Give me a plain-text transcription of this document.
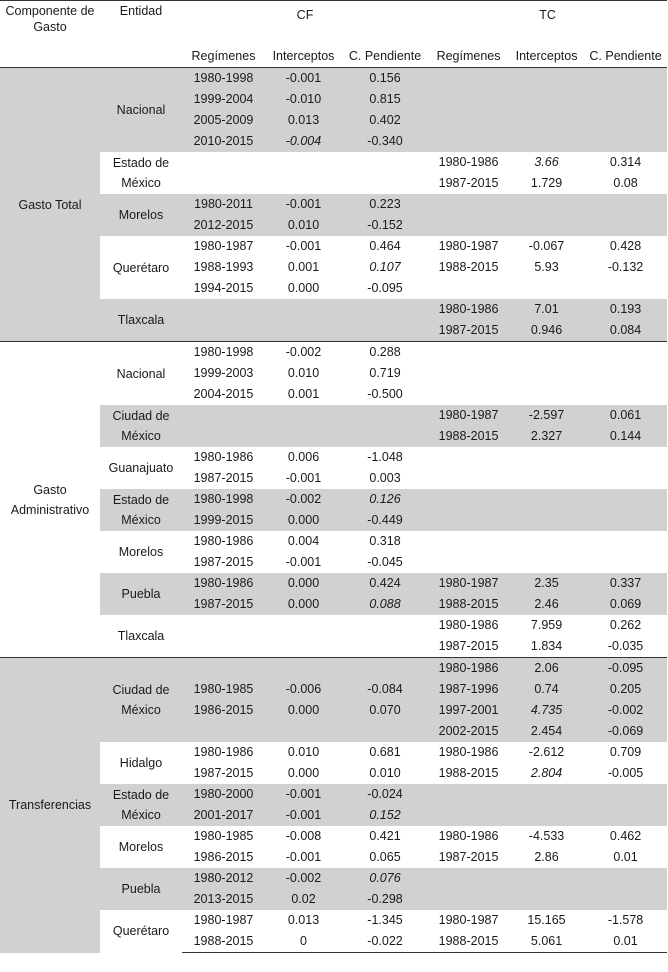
Componente de Gasto	Entidad	CF			TC		
		Regímenes	Interceptos	C. Pendiente	Regímenes	Interceptos	C. Pendiente
Gasto Total	Nacional	1980-1998	-0.001	0.156			
		1999-2004	-0.010	0.815			
		2005-2009	0.013	0.402			
		2010-2015	-0.004	-0.340			
	Estado de México				1980-1986	3.66	0.314
					1987-2015	1.729	0.08
	Morelos	1980-2011	-0.001	0.223			
		2012-2015	0.010	-0.152			
	Querétaro	1980-1987	-0.001	0.464	1980-1987	-0.067	0.428
		1988-1993	0.001	0.107	1988-2015	5.93	-0.132
		1994-2015	0.000	-0.095			
	Tlaxcala				1980-1986	7.01	0.193
					1987-2015	0.946	0.084
Gasto Administrativo	Nacional	1980-1998	-0.002	0.288			
		1999-2003	0.010	0.719			
		2004-2015	0.001	-0.500			
	Ciudad de México				1980-1987	-2.597	0.061
					1988-2015	2.327	0.144
	Guanajuato	1980-1986	0.006	-1.048			
		1987-2015	-0.001	0.003			
	Estado de México	1980-1998	-0.002	0.126			
		1999-2015	0.000	-0.449			
	Morelos	1980-1986	0.004	0.318			
		1987-2015	-0.001	-0.045			
	Puebla	1980-1986	0.000	0.424	1980-1987	2.35	0.337
		1987-2015	0.000	0.088	1988-2015	2.46	0.069
	Tlaxcala				1980-1986	7.959	0.262
					1987-2015	1.834	-0.035
Transferencias	Ciudad de México				1980-1986	2.06	-0.095
		1980-1985	-0.006	-0.084	1987-1996	0.74	0.205
		1986-2015	0.000	0.070	1997-2001	4.735	-0.002
					2002-2015	2.454	-0.069
	Hidalgo	1980-1986	0.010	0.681	1980-1986	-2.612	0.709
		1987-2015	0.000	0.010	1988-2015	2.804	-0.005
	Estado de México	1980-2000	-0.001	-0.024			
		2001-2017	-0.001	0.152			
	Morelos	1980-1985	-0.008	0.421	1980-1986	-4.533	0.462
		1986-2015	-0.001	0.065	1987-2015	2.86	0.01
	Puebla	1980-2012	-0.002	0.076			
		2013-2015	0.02	-0.298			
	Querétaro	1980-1987	0.013	-1.345	1980-1987	15.165	-1.578
		1988-2015	0	-0.022	1988-2015	5.061	0.01
